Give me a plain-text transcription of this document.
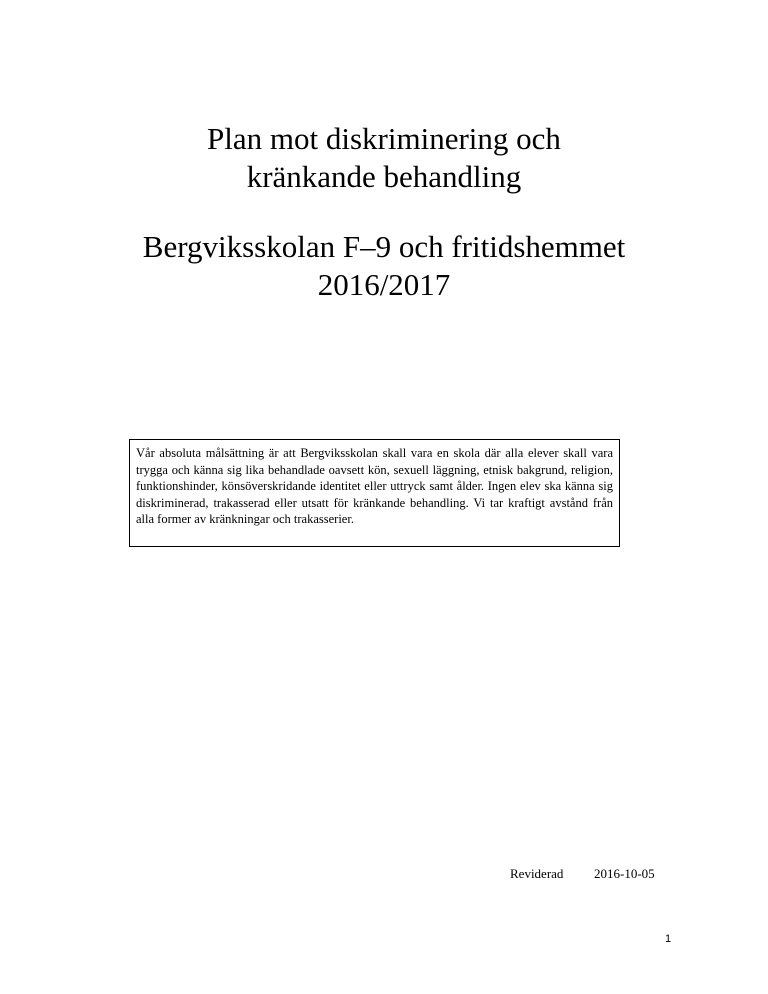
Plan mot diskriminering och
kränkande behandling
Bergviksskolan F–9 och fritidshemmet
2016/2017

Vår absoluta målsättning är att Bergviksskolan skall vara en skola där alla elever skall vara trygga och känna sig lika behandlade oavsett kön, sexuell läggning, etnisk bakgrund, religion, funktionshinder, könsöverskridande identitet eller uttryck samt ålder. Ingen elev ska känna sig diskriminerad, trakasserad eller utsatt för kränkande behandling. Vi tar kraftigt avstånd från alla former av kränkningar och trakasserier.

Reviderad 2016-10-05
1
